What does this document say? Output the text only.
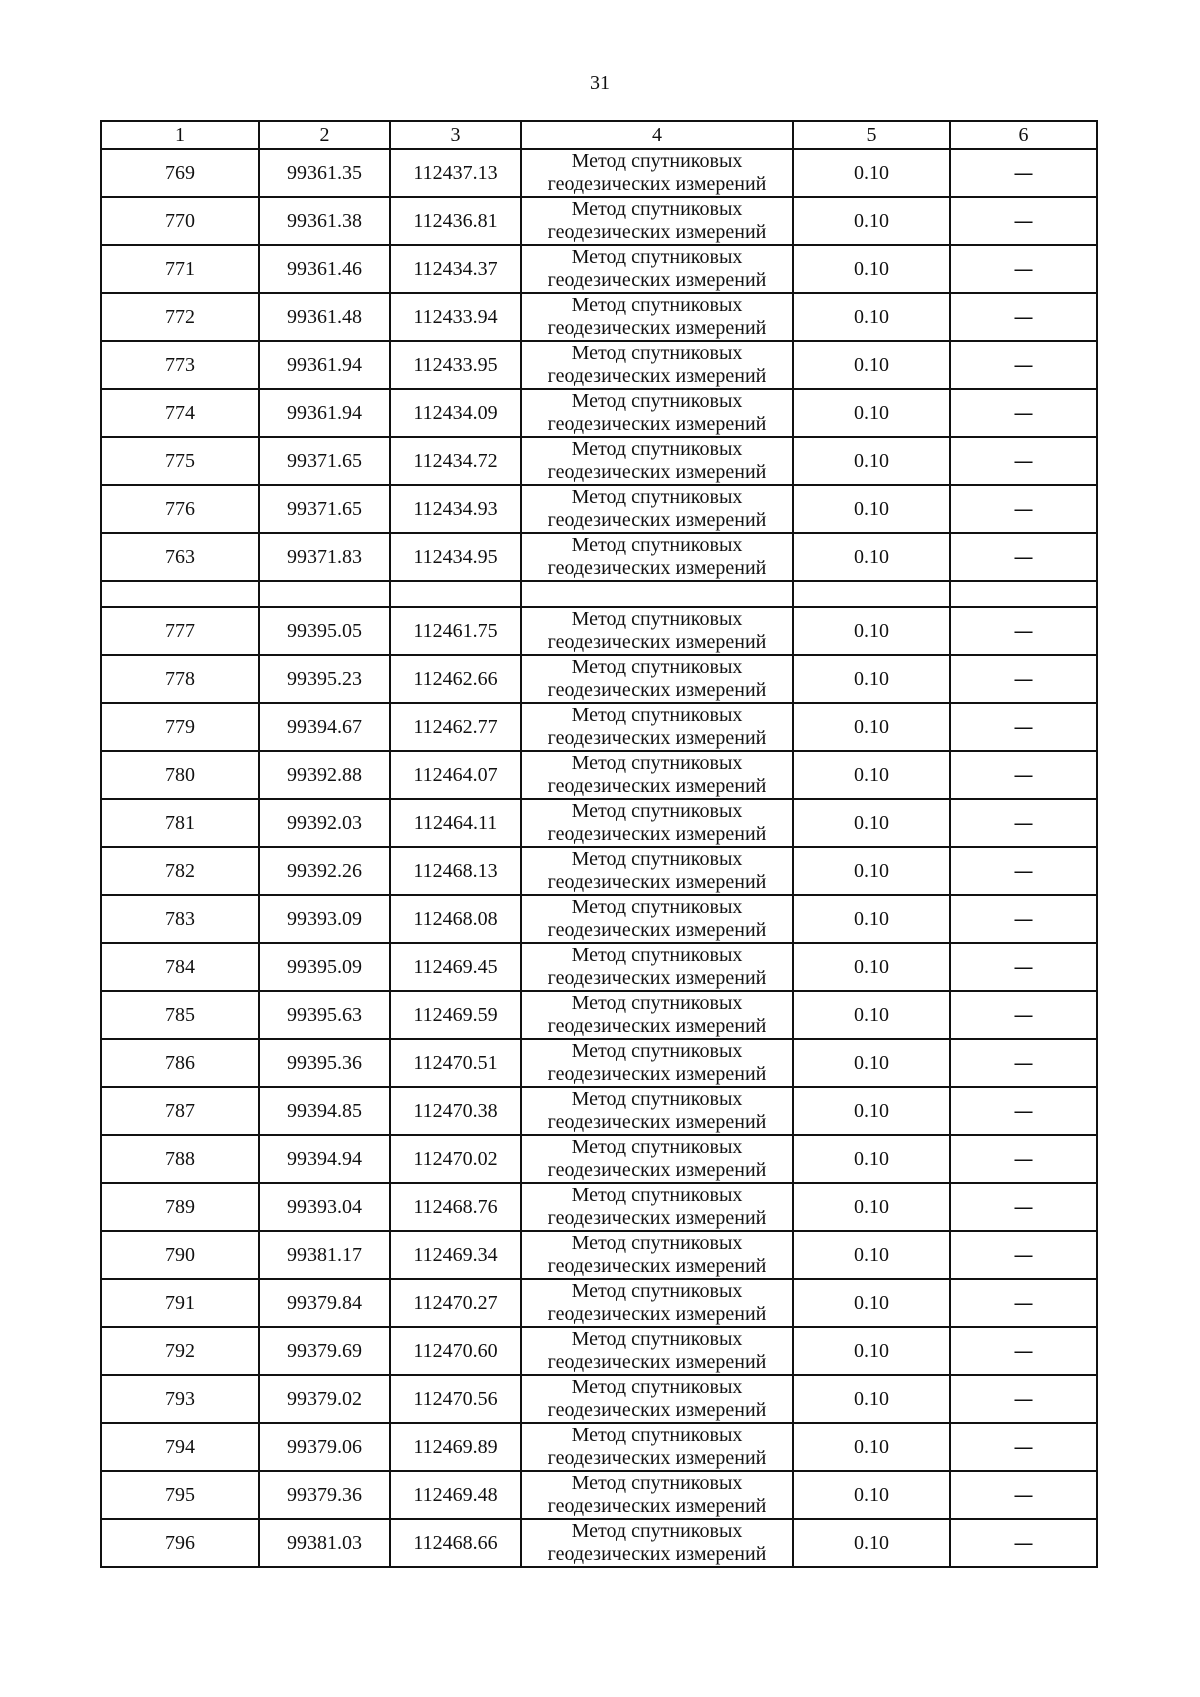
31
1	2	3	4	5	6
769	99361.35	112437.13	Метод спутниковых
геодезических измерений	0.10	—
770	99361.38	112436.81	Метод спутниковых
геодезических измерений	0.10	—
771	99361.46	112434.37	Метод спутниковых
геодезических измерений	0.10	—
772	99361.48	112433.94	Метод спутниковых
геодезических измерений	0.10	—
773	99361.94	112433.95	Метод спутниковых
геодезических измерений	0.10	—
774	99361.94	112434.09	Метод спутниковых
геодезических измерений	0.10	—
775	99371.65	112434.72	Метод спутниковых
геодезических измерений	0.10	—
776	99371.65	112434.93	Метод спутниковых
геодезических измерений	0.10	—
763	99371.83	112434.95	Метод спутниковых
геодезических измерений	0.10	—

777	99395.05	112461.75	Метод спутниковых
геодезических измерений	0.10	—
778	99395.23	112462.66	Метод спутниковых
геодезических измерений	0.10	—
779	99394.67	112462.77	Метод спутниковых
геодезических измерений	0.10	—
780	99392.88	112464.07	Метод спутниковых
геодезических измерений	0.10	—
781	99392.03	112464.11	Метод спутниковых
геодезических измерений	0.10	—
782	99392.26	112468.13	Метод спутниковых
геодезических измерений	0.10	—
783	99393.09	112468.08	Метод спутниковых
геодезических измерений	0.10	—
784	99395.09	112469.45	Метод спутниковых
геодезических измерений	0.10	—
785	99395.63	112469.59	Метод спутниковых
геодезических измерений	0.10	—
786	99395.36	112470.51	Метод спутниковых
геодезических измерений	0.10	—
787	99394.85	112470.38	Метод спутниковых
геодезических измерений	0.10	—
788	99394.94	112470.02	Метод спутниковых
геодезических измерений	0.10	—
789	99393.04	112468.76	Метод спутниковых
геодезических измерений	0.10	—
790	99381.17	112469.34	Метод спутниковых
геодезических измерений	0.10	—
791	99379.84	112470.27	Метод спутниковых
геодезических измерений	0.10	—
792	99379.69	112470.60	Метод спутниковых
геодезических измерений	0.10	—
793	99379.02	112470.56	Метод спутниковых
геодезических измерений	0.10	—
794	99379.06	112469.89	Метод спутниковых
геодезических измерений	0.10	—
795	99379.36	112469.48	Метод спутниковых
геодезических измерений	0.10	—
796	99381.03	112468.66	Метод спутниковых
геодезических измерений	0.10	—
